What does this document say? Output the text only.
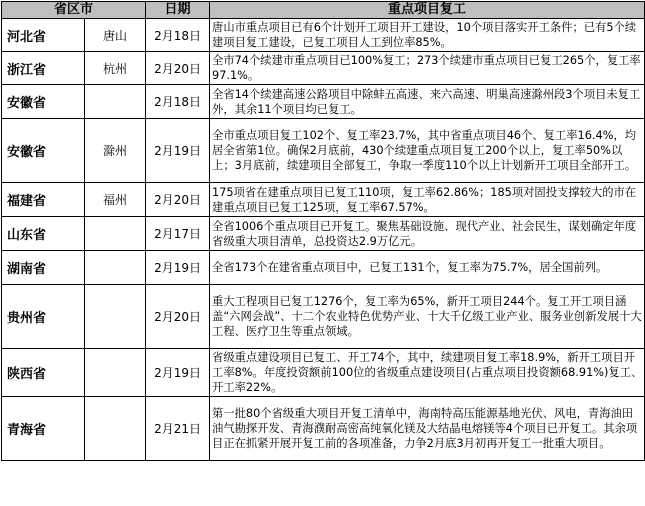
省区市		日期	重点项目复工
河北省	唐山	2月18日	唐山市重点项目已有6个计划开工项目开工建设，10个项目落实开工条件；已有5个续建项目复工建设，已复工项目人工到位率85%。
浙江省	杭州	2月20日	全市74个续建市重点项目已100%复工；273个续建市重点项目已复工265个，复工率97.1%。
安徽省		2月18日	全省14个续建高速公路项目中除蚌五高速、来六高速、明巢高速滁州段3个项目未复工外，其余11个项目均已复工。
安徽省	滁州	2月19日	全市重点项目复工102个、复工率23.7%，其中省重点项目46个、复工率16.4%，均居全省第1位。确保2月底前，430个续建重点项目复工200个以上，复工率50%以上；3月底前，续建项目全部复工，争取一季度110个以上计划新开工项目全部开工。
福建省	福州	2月20日	175项省在建重点项目已复工110项，复工率62.86%；185项对固投支撑较大的市在建重点项目已复工125项，复工率67.57%。
山东省		2月17日	全省1006个重点项目已开复工。聚焦基础设施、现代产业、社会民生，谋划确定年度省级重大项目清单，总投资达2.9万亿元。
湖南省		2月19日	全省173个在建省重点项目中，已复工131个，复工率为75.7%，居全国前列。
贵州省		2月20日	重大工程项目已复工1276个，复工率为65%，新开工项目244个。复工开工项目涵盖“六网会战”、十二个农业特色优势产业、十大千亿级工业产业、服务业创新发展十大工程、医疗卫生等重点领域。
陕西省		2月19日	省级重点建设项目已复工、开工74个，其中，续建项目复工率18.9%，新开工项目开工率8%。年度投资额前100位的省级重点建设项目(占重点项目投资额68.91%)复工、开工率22%。
青海省		2月21日	第一批80个省级重大项目开复工清单中，海南特高压能源基地光伏、风电，青海油田油气勘探开发、青海濮耐高密高纯氧化镁及大结晶电熔镁等4个项目已开复工。其余项目正在抓紧开展开复工前的各项准备，力争2月底3月初再开复工一批重大项目。
